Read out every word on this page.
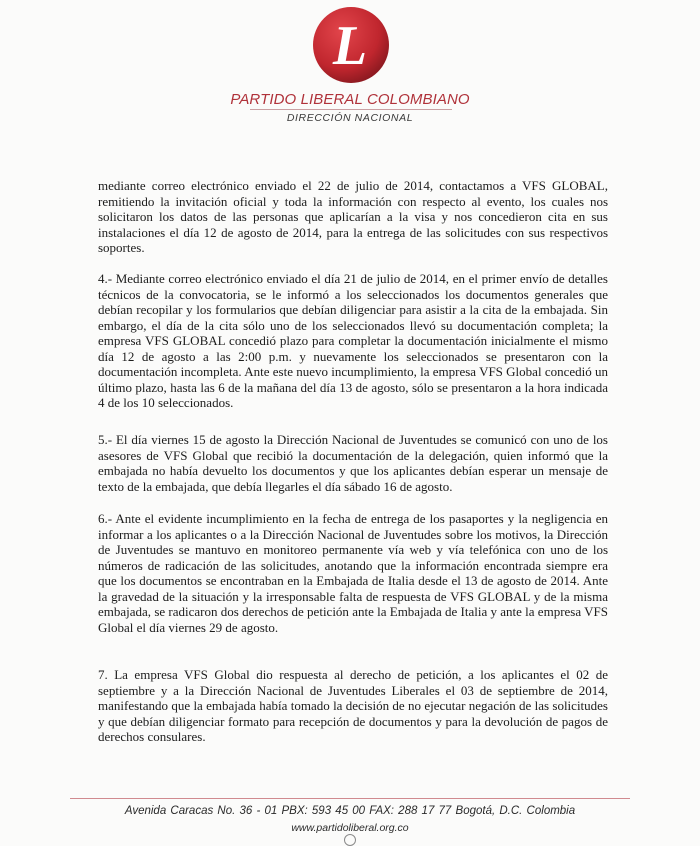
L
PARTIDO LIBERAL COLOMBIANO
DIRECCIÓN NACIONAL

mediante correo electrónico enviado el 22 de julio de 2014, contactamos a VFS GLOBAL, remitiendo la invitación oficial y toda la información con respecto al evento, los cuales nos solicitaron los datos de las personas que aplicarían a la visa y nos concedieron cita en sus instalaciones el día 12 de agosto de 2014, para la entrega de las solicitudes con sus respectivos soportes.

4.- Mediante correo electrónico enviado el día 21 de julio de 2014, en el primer envío de detalles técnicos de la convocatoria, se le informó a los seleccionados los documentos generales que debían recopilar y los formularios que debían diligenciar para asistir a la cita de la embajada. Sin embargo, el día de la cita sólo uno de los seleccionados llevó su documentación completa; la empresa VFS GLOBAL concedió plazo para completar la documentación inicialmente el mismo día 12 de agosto a las 2:00 p.m. y nuevamente los seleccionados se presentaron con la documentación incompleta. Ante este nuevo incumplimiento, la empresa VFS Global concedió un último plazo, hasta las 6 de la mañana del día 13 de agosto, sólo se presentaron a la hora indicada 4 de los 10 seleccionados.

5.- El día viernes 15 de agosto la Dirección Nacional de Juventudes se comunicó con uno de los asesores de VFS Global que recibió la documentación de la delegación, quien informó que la embajada no había devuelto los documentos y que los aplicantes debían esperar un mensaje de texto de la embajada, que debía llegarles el día sábado 16 de agosto.

6.- Ante el evidente incumplimiento en la fecha de entrega de los pasaportes y la negligencia en informar a los aplicantes o a la Dirección Nacional de Juventudes sobre los motivos, la Dirección de Juventudes se mantuvo en monitoreo permanente vía web y vía telefónica con uno de los números de radicación de las solicitudes, anotando que la información encontrada siempre era que los documentos se encontraban en la Embajada de Italia desde el 13 de agosto de 2014. Ante la gravedad de la situación y la irresponsable falta de respuesta de VFS GLOBAL y de la misma embajada, se radicaron dos derechos de petición ante la Embajada de Italia y ante la empresa VFS Global el día viernes 29 de agosto.

7. La empresa VFS Global dio respuesta al derecho de petición, a los aplicantes el 02 de septiembre y a la Dirección Nacional de Juventudes Liberales el 03 de septiembre de 2014, manifestando que la embajada había tomado la decisión de no ejecutar negación de las solicitudes y que debían diligenciar formato para recepción de documentos y para la devolución de pagos de derechos consulares.

Avenida Caracas No. 36 - 01 PBX: 593 45 00 FAX: 288 17 77 Bogotá, D.C. Colombia
www.partidoliberal.org.co
